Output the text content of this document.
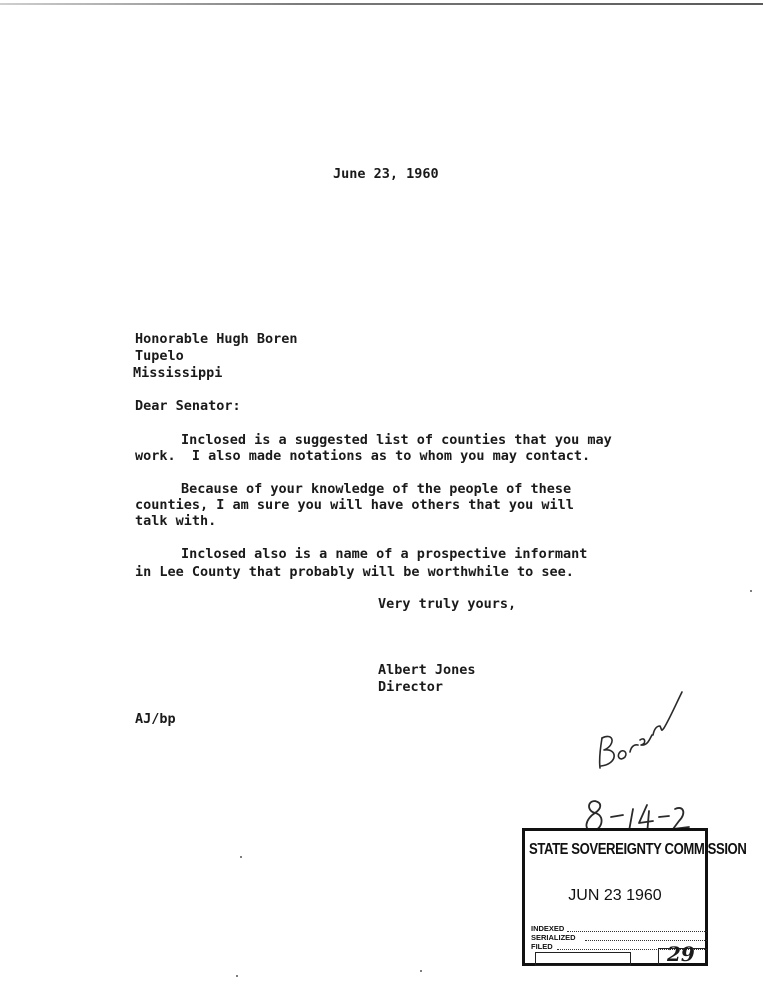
June 23, 1960
Honorable Hugh Boren
Tupelo
Mississippi
Dear Senator:
Inclosed is a suggested list of counties that you may
work.  I also made notations as to whom you may contact.
Because of your knowledge of the people of these
counties, I am sure you will have others that you will
talk with.
Inclosed also is a name of a prospective informant
in Lee County that probably will be worthwhile to see.
Very truly yours,
Albert Jones
Director
AJ/bp
STATE SOVEREIGNTY COMMISSION
JUN 23 1960
INDEXED
SERIALIZED
FILED	29
